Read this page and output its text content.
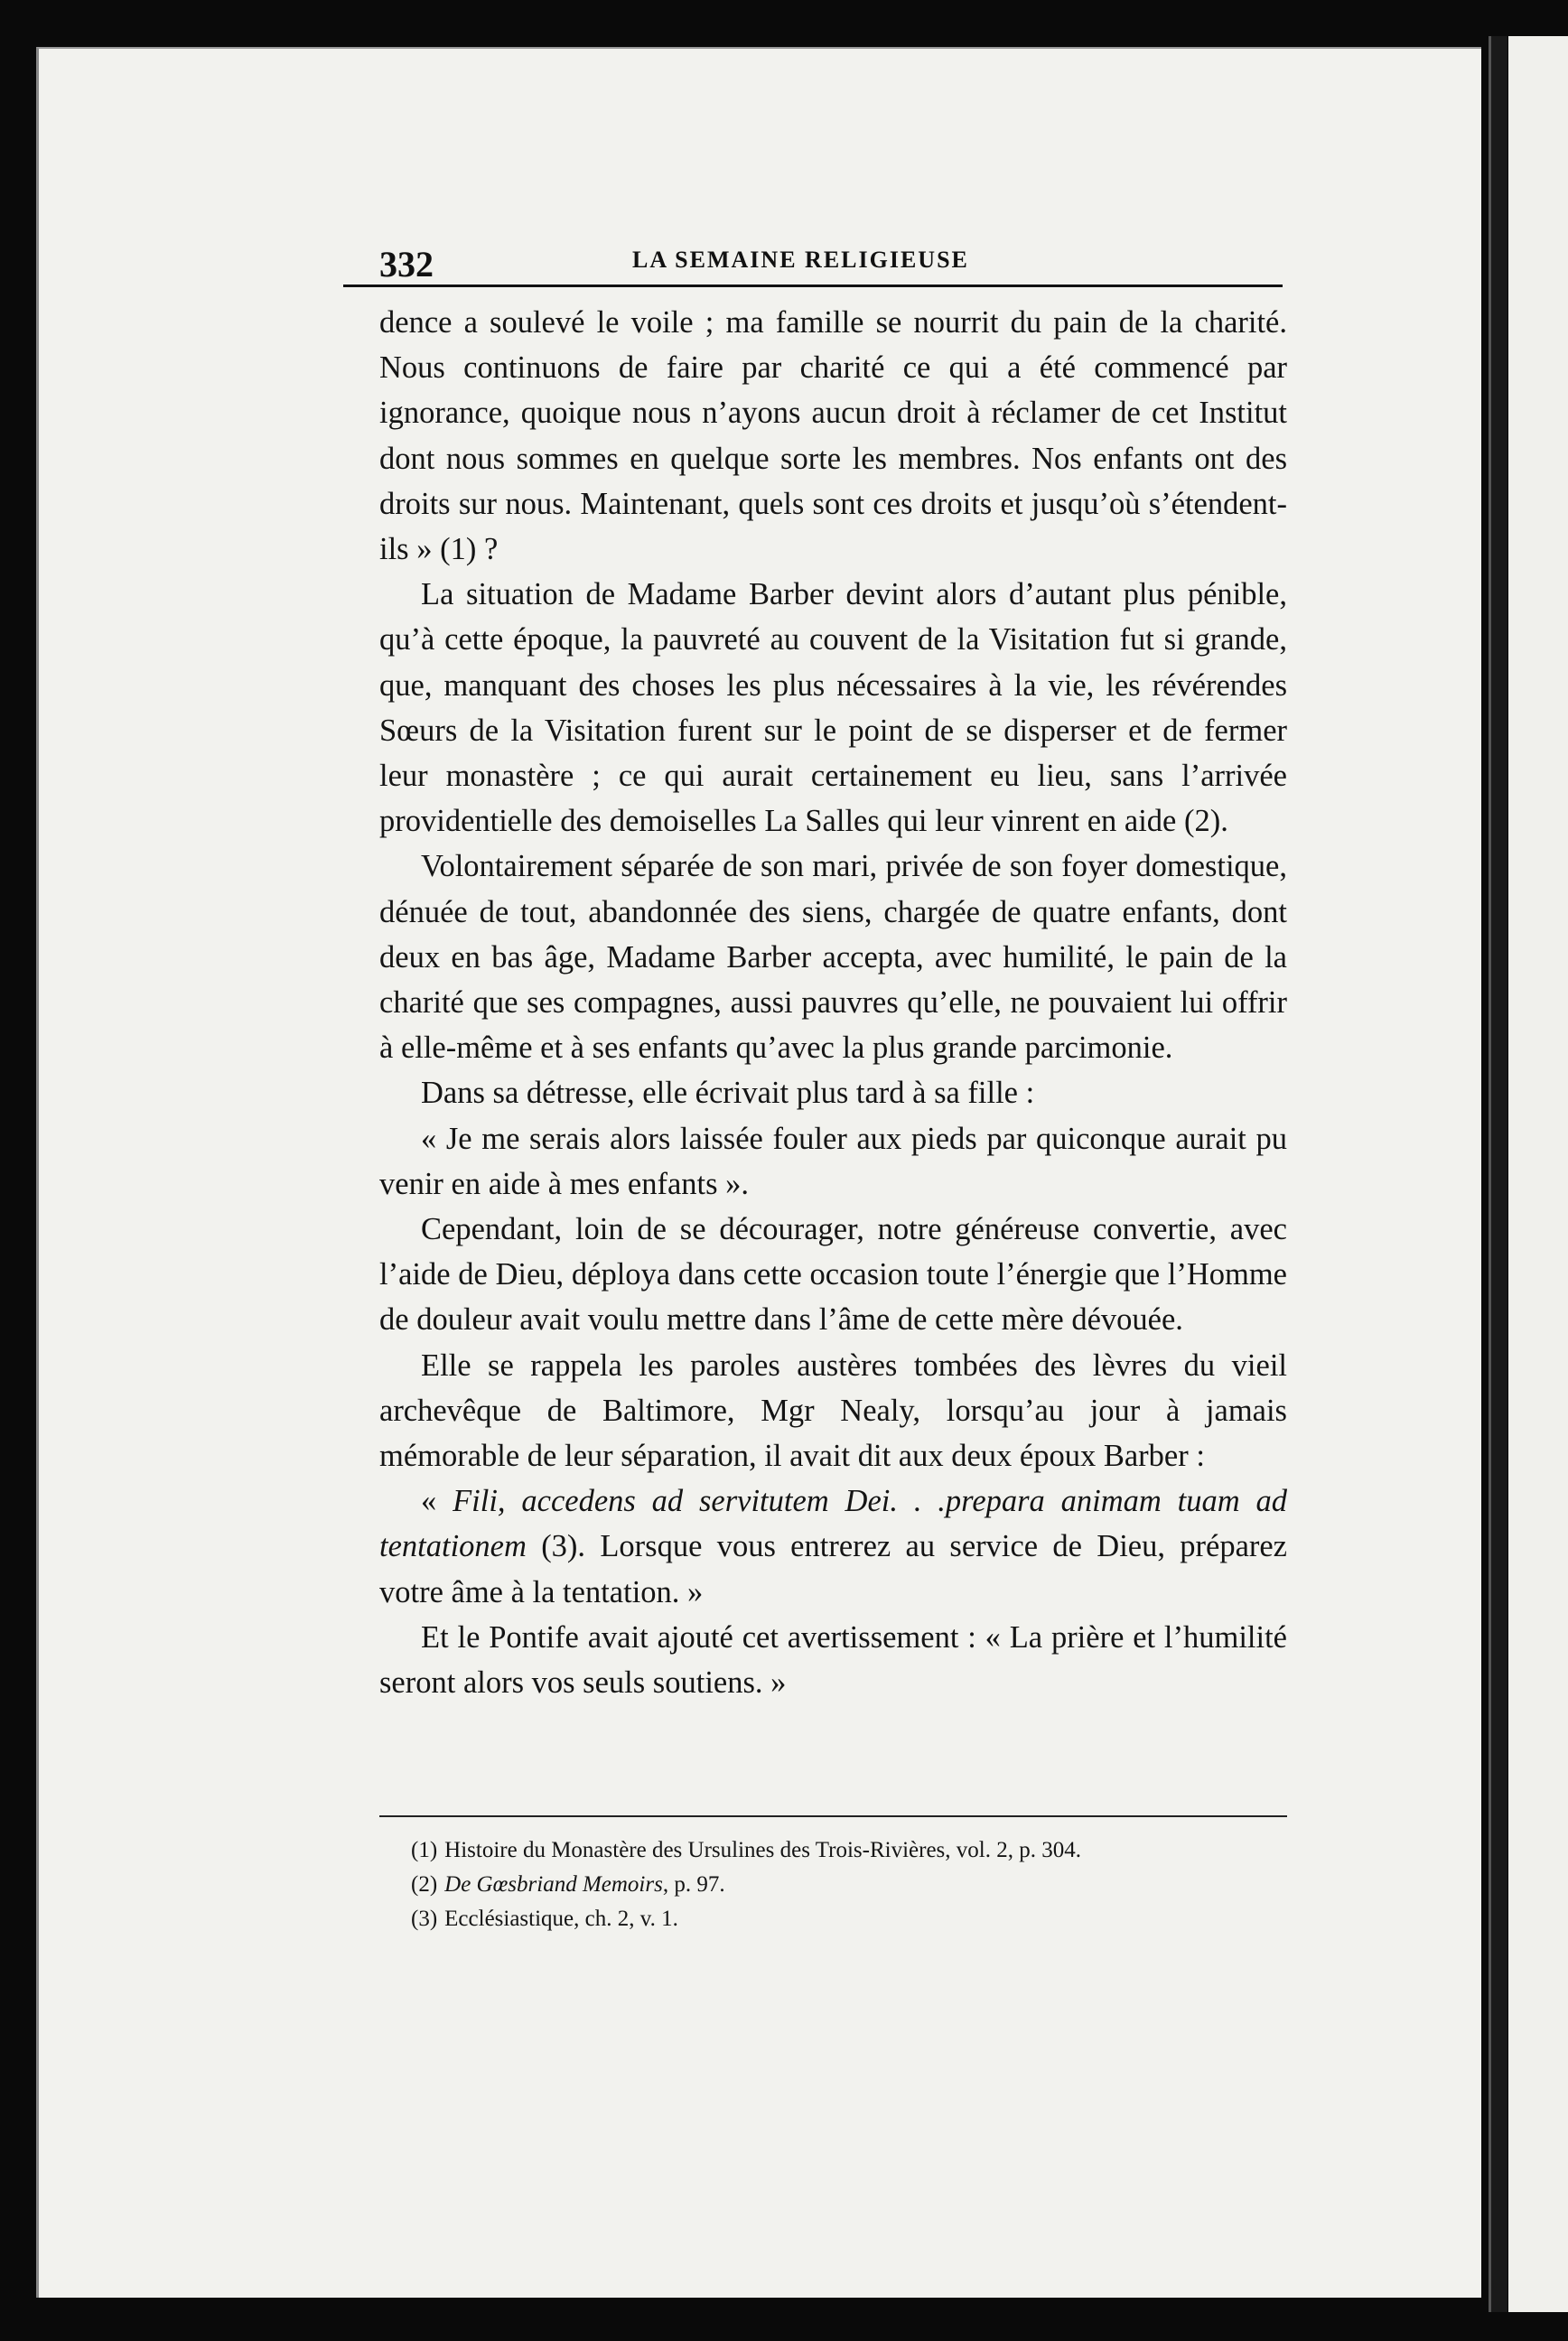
332	LA SEMAINE RELIGIEUSE

dence a soulevé le voile ; ma famille se nourrit du pain de la charité. Nous continuons de faire par charité ce qui a été commencé par ignorance, quoique nous n’ayons aucun droit à réclamer de cet Institut dont nous sommes en quelque sorte les membres. Nos enfants ont des droits sur nous. Maintenant, quels sont ces droits et jusqu’où s’étendent-ils » (1) ?

La situation de Madame Barber devint alors d’autant plus pénible, qu’à cette époque, la pauvreté au couvent de la Visitation fut si grande, que, manquant des choses les plus nécessaires à la vie, les révérendes Sœurs de la Visitation furent sur le point de se disperser et de fermer leur monastère ; ce qui aurait certainement eu lieu, sans l’arrivée providentielle des demoiselles La Salles qui leur vinrent en aide (2).

Volontairement séparée de son mari, privée de son foyer domestique, dénuée de tout, abandonnée des siens, chargée de quatre enfants, dont deux en bas âge, Madame Barber accepta, avec humilité, le pain de la charité que ses compagnes, aussi pauvres qu’elle, ne pouvaient lui offrir à elle-même et à ses enfants qu’avec la plus grande parcimonie.

Dans sa détresse, elle écrivait plus tard à sa fille :

« Je me serais alors laissée fouler aux pieds par quiconque aurait pu venir en aide à mes enfants ».

Cependant, loin de se décourager, notre généreuse convertie, avec l’aide de Dieu, déploya dans cette occasion toute l’énergie que l’Homme de douleur avait voulu mettre dans l’âme de cette mère dévouée.

Elle se rappela les paroles austères tombées des lèvres du vieil archevêque de Baltimore, Mgr Nealy, lorsqu’au jour à jamais mémorable de leur séparation, il avait dit aux deux époux Barber :

« Fili, accedens ad servitutem Dei. . .prepara animam tuam ad tentationem (3). Lorsque vous entrerez au service de Dieu, préparez votre âme à la tentation. »

Et le Pontife avait ajouté cet avertissement : « La prière et l’humilité seront alors vos seuls soutiens. »

(1) Histoire du Monastère des Ursulines des Trois-Rivières, vol. 2, p. 304.
(2) De Gœsbriand Memoirs, p. 97.
(3) Ecclésiastique, ch. 2, v. 1.
